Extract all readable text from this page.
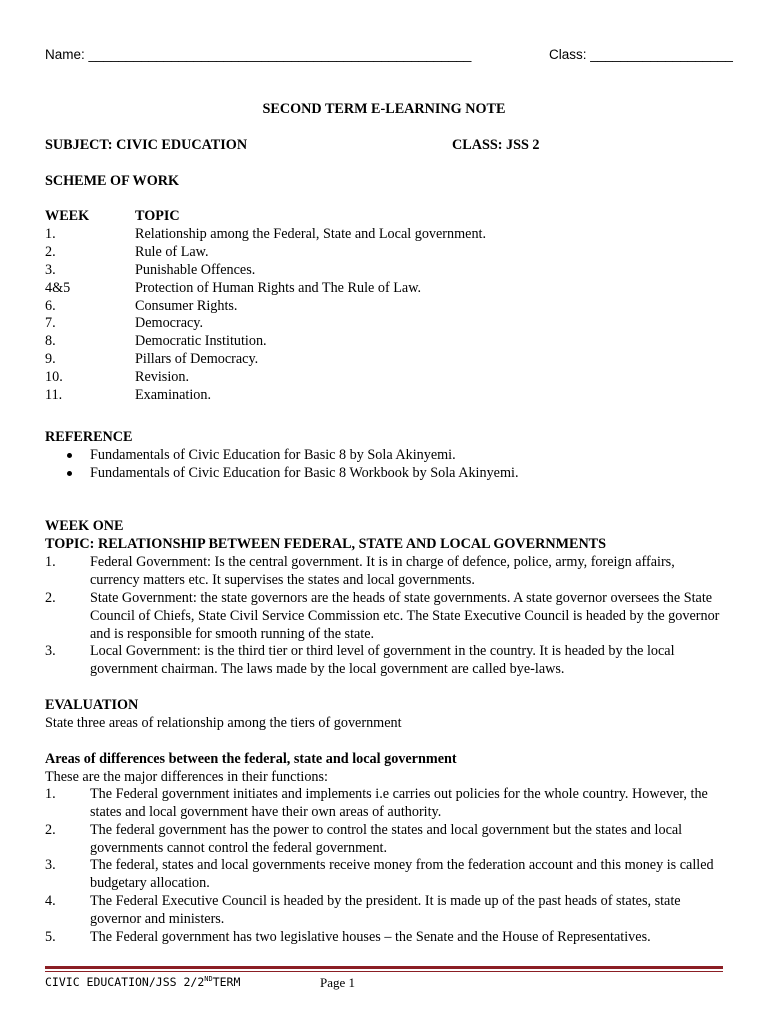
Name: ___________________________________________________	Class: ___________________
SECOND TERM E-LEARNING NOTE
SUBJECT: CIVIC EDUCATION	CLASS: JSS 2
SCHEME OF WORK
WEEK	TOPIC
1.	Relationship among the Federal, State and Local government.
2.	Rule of Law.
3.	Punishable Offences.
4&5	Protection of Human Rights and The Rule of Law.
6.	Consumer Rights.
7.	Democracy.
8.	Democratic Institution.
9.	Pillars of Democracy.
10.	Revision.
11.	Examination.
REFERENCE
Fundamentals of Civic Education for Basic 8 by Sola Akinyemi.
Fundamentals of Civic Education for Basic 8 Workbook by Sola Akinyemi.
WEEK ONE
TOPIC: RELATIONSHIP BETWEEN FEDERAL, STATE AND LOCAL GOVERNMENTS
1. Federal Government: Is the central government. It is in charge of defence, police, army, foreign affairs, currency matters etc. It supervises the states and local governments.
2. State Government: the state governors are the heads of state governments. A state governor oversees the State Council of Chiefs, State Civil Service Commission etc. The State Executive Council is headed by the governor and is responsible for smooth running of the state.
3. Local Government: is the third tier or third level of government in the country. It is headed by the local government chairman. The laws made by the local government are called bye-laws.
EVALUATION
State three areas of relationship among the tiers of government
Areas of differences between the federal, state and local government
These are the major differences in their functions:
1. The Federal government initiates and implements i.e carries out policies for the whole country. However, the states and local government have their own areas of authority.
2. The federal government has the power to control the states and local government but the states and local governments cannot control the federal government.
3. The federal, states and local governments receive money from the federation account and this money is called budgetary allocation.
4. The Federal Executive Council is headed by the president. It is made up of the past heads of states, state governor and ministers.
5. The Federal government has two legislative houses – the Senate and the House of Representatives.
CIVIC EDUCATION/JSS 2/2NDTERM	Page 1
